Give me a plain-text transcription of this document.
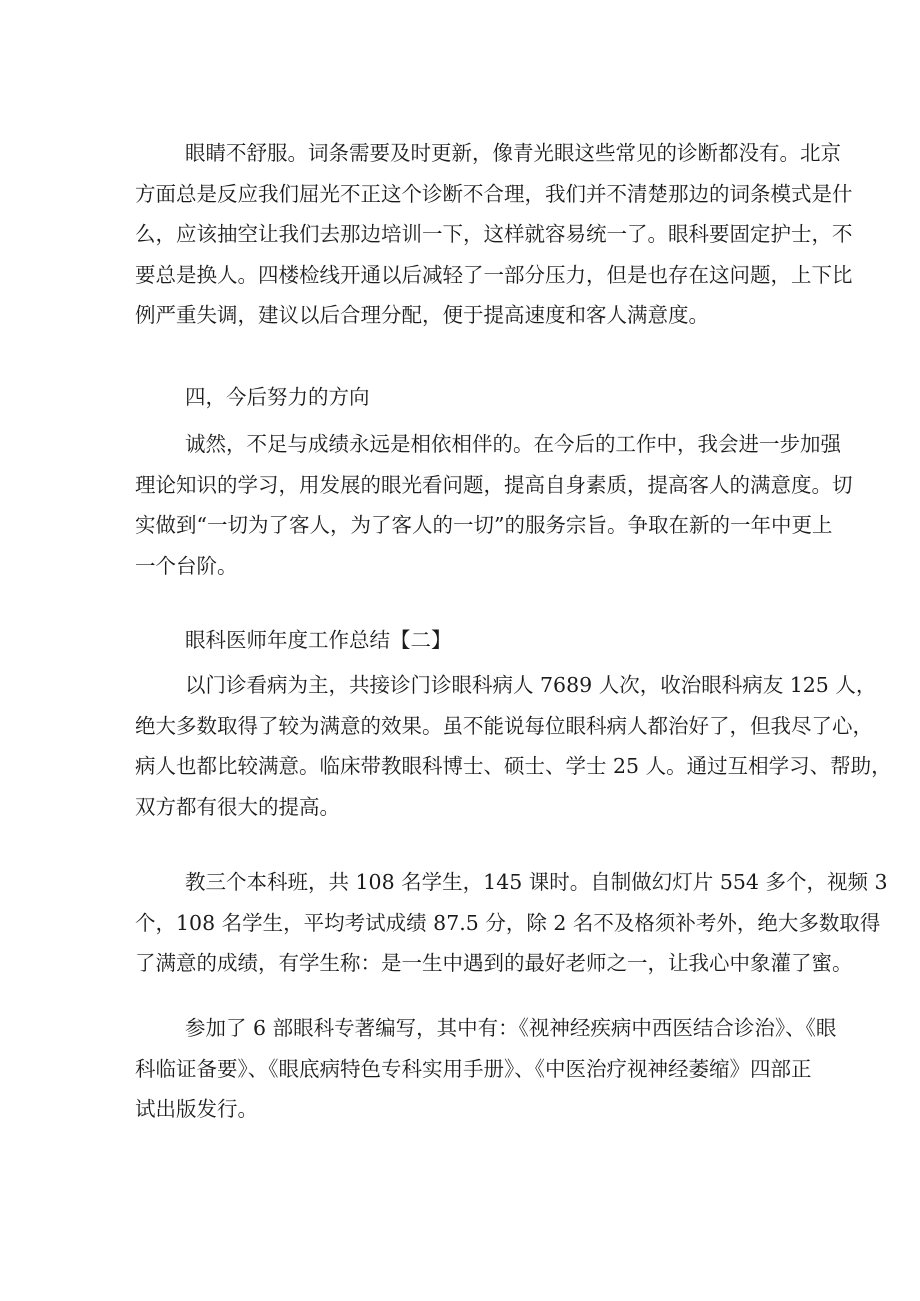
眼睛不舒服。词条需要及时更新，像青光眼这些常见的诊断都没有。北京
方面总是反应我们屈光不正这个诊断不合理，我们并不清楚那边的词条模式是什
么，应该抽空让我们去那边培训一下，这样就容易统一了。眼科要固定护士，不
要总是换人。四楼检线开通以后减轻了一部分压力，但是也存在这问题，上下比
例严重失调，建议以后合理分配，便于提高速度和客人满意度。
四，今后努力的方向
诚然，不足与成绩永远是相依相伴的。在今后的工作中，我会进一步加强
理论知识的学习，用发展的眼光看问题，提高自身素质，提高客人的满意度。切
实做到“一切为了客人，为了客人的一切”的服务宗旨。争取在新的一年中更上
一个台阶。
眼科医师年度工作总结【二】
以门诊看病为主，共接诊门诊眼科病人 7689 人次，收治眼科病友 125 人，
绝大多数取得了较为满意的效果。虽不能说每位眼科病人都治好了，但我尽了心，
病人也都比较满意。临床带教眼科博士、硕士、学士 25 人。通过互相学习、帮助，
双方都有很大的提高。
教三个本科班，共 108 名学生，145 课时。自制做幻灯片 554 多个，视频 3
个，108 名学生，平均考试成绩 87.5 分，除 2 名不及格须补考外，绝大多数取得
了满意的成绩，有学生称：是一生中遇到的最好老师之一，让我心中象灌了蜜。
参加了 6 部眼科专著编写，其中有：《视神经疾病中西医结合诊治》、《眼
科临证备要》、《眼底病特色专科实用手册》、《中医治疗视神经萎缩》四部正
试出版发行。
